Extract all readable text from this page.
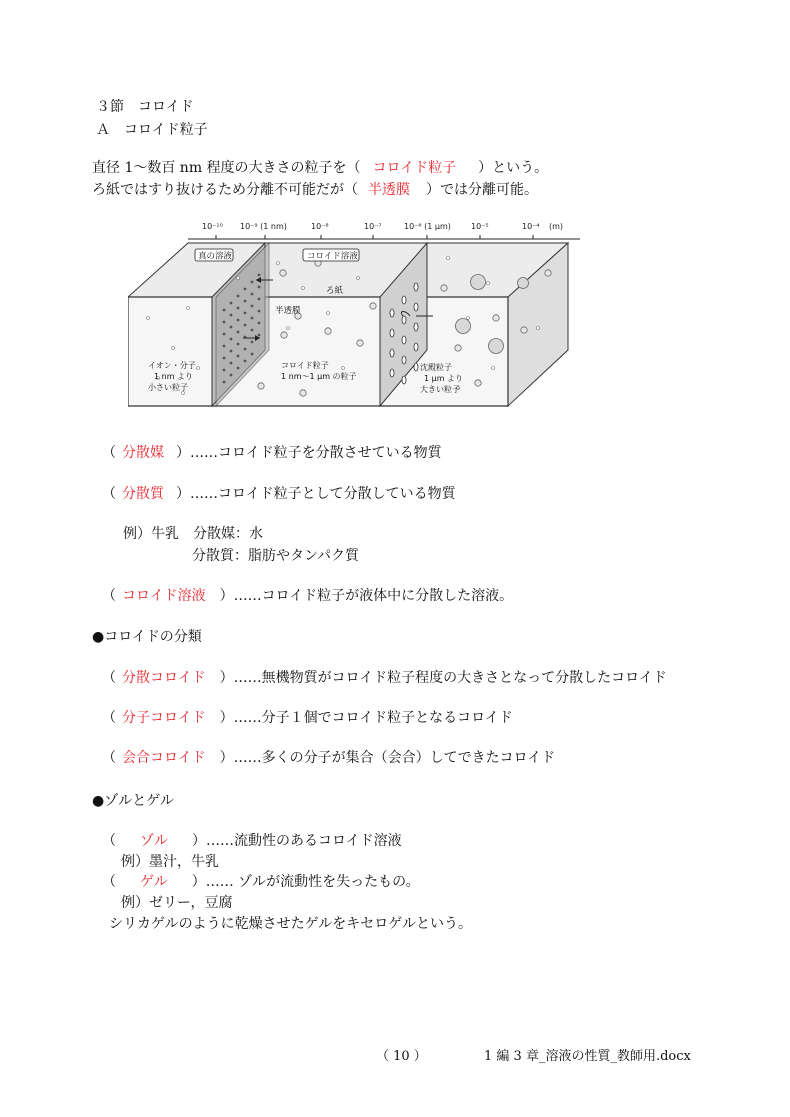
３節　コロイド
Ａ　コロイド粒子
直径 1〜数百 nm 程度の大きさの粒子を（ コロイド粒子 ）という。
ろ紙ではすり抜けるため分離不可能だが（ 半透膜 ）では分離可能。
10⁻¹⁰ 10⁻⁹ (1 nm)	10⁻⁸	10⁻⁷	10⁻⁶ (1 μm)	10⁻⁵	10⁻⁴ (m)
真の溶液	コロイド溶液
ろ紙
半透膜
イオン・分子
1 nm より
小さい粒子
コロイド粒子
1 nm〜1 μm の粒子
沈殿粒子
1 μm より
大きい粒子
（ 分散媒 ） ……コロイド粒子を分散させている物質
（ 分散質 ） ……コロイド粒子として分散している物質
例）牛乳　分散媒：水
分散質：脂肪やタンパク質
（ コロイド溶液 ） ……コロイド粒子が液体中に分散した溶液。
●コロイドの分類
（ 分散コロイド ） ……無機物質がコロイド粒子程度の大きさとなって分散したコロイド
（ 分子コロイド ） ……分子１個でコロイド粒子となるコロイド
（ 会合コロイド ） ……多くの分子が集合（会合）してできたコロイド
●ゾルとゲル
（ ゾル ） ……流動性のあるコロイド溶液
例）墨汁，牛乳
（ ゲル ） …… ゾルが流動性を失ったもの。
例）ゼリー，豆腐
シリカゲルのように乾燥させたゲルをキセロゲルという。
（ 10 ）	1 編 3 章_溶液の性質_教師用.docx
